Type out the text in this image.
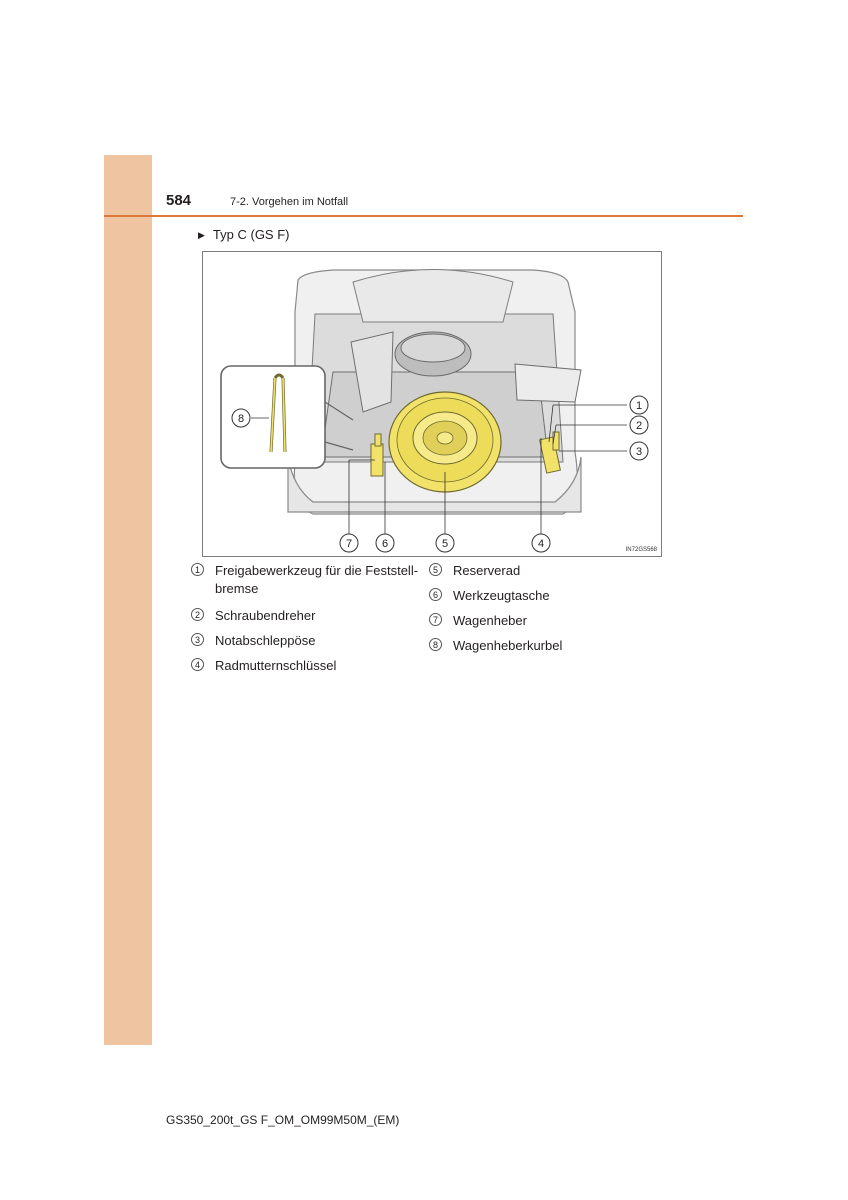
584	7-2. Vorgehen im Notfall
▶ Typ C (GS F)
1
2
3
4
5
6
7
8
IN72GS568
1	Freigabewerkzeug für die Feststell-
bremse
2	Schraubendreher
3	Notabschleppöse
4	Radmutternschlüssel
5	Reserverad
6	Werkzeugtasche
7	Wagenheber
8	Wagenheberkurbel
GS350_200t_GS F_OM_OM99M50M_(EM)
